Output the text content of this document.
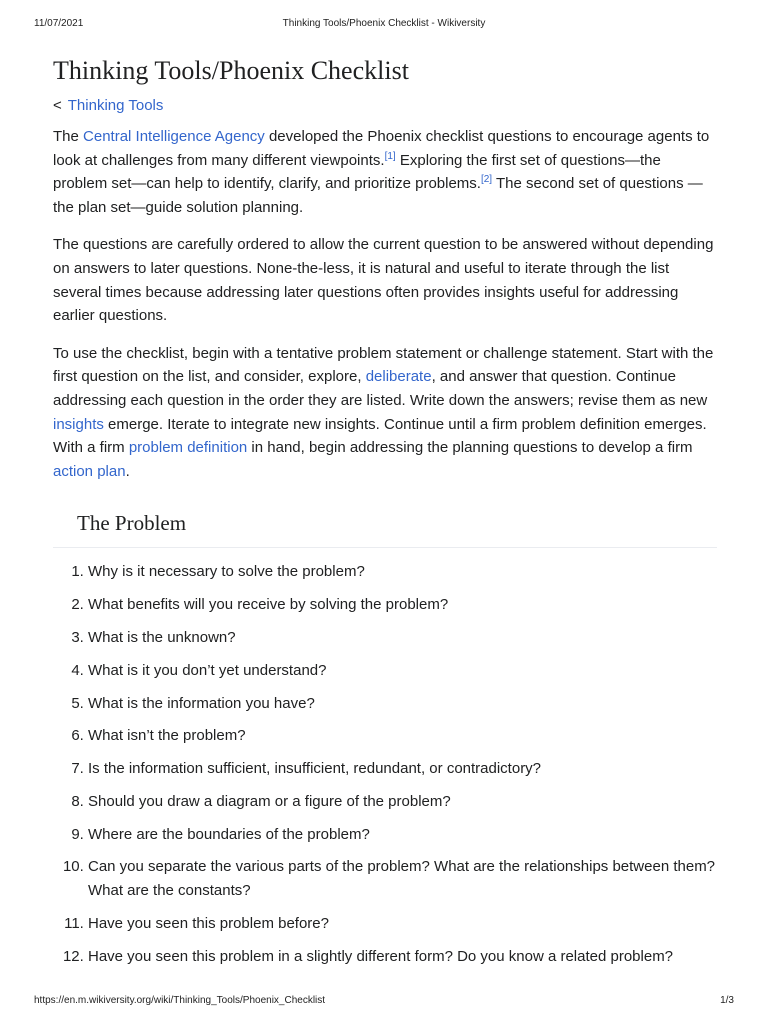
11/07/2021	Thinking Tools/Phoenix Checklist - Wikiversity
Thinking Tools/Phoenix Checklist
< Thinking Tools

The Central Intelligence Agency developed the Phoenix checklist questions to encourage agents to look at challenges from many different viewpoints.[1] Exploring the first set of questions—the problem set—can help to identify, clarify, and prioritize problems.[2] The second set of questions —the plan set—guide solution planning.

The questions are carefully ordered to allow the current question to be answered without depending on answers to later questions. None-the-less, it is natural and useful to iterate through the list several times because addressing later questions often provides insights useful for addressing earlier questions.

To use the checklist, begin with a tentative problem statement or challenge statement. Start with the first question on the list, and consider, explore, deliberate, and answer that question. Continue addressing each question in the order they are listed. Write down the answers; revise them as new insights emerge. Iterate to integrate new insights. Continue until a firm problem definition emerges. With a firm problem definition in hand, begin addressing the planning questions to develop a firm action plan.

The Problem
1. Why is it necessary to solve the problem?
2. What benefits will you receive by solving the problem?
3. What is the unknown?
4. What is it you don’t yet understand?
5. What is the information you have?
6. What isn’t the problem?
7. Is the information sufficient, insufficient, redundant, or contradictory?
8. Should you draw a diagram or a figure of the problem?
9. Where are the boundaries of the problem?
10. Can you separate the various parts of the problem? What are the relationships between them? What are the constants?
11. Have you seen this problem before?
12. Have you seen this problem in a slightly different form? Do you know a related problem?
https://en.m.wikiversity.org/wiki/Thinking_Tools/Phoenix_Checklist	1/3
